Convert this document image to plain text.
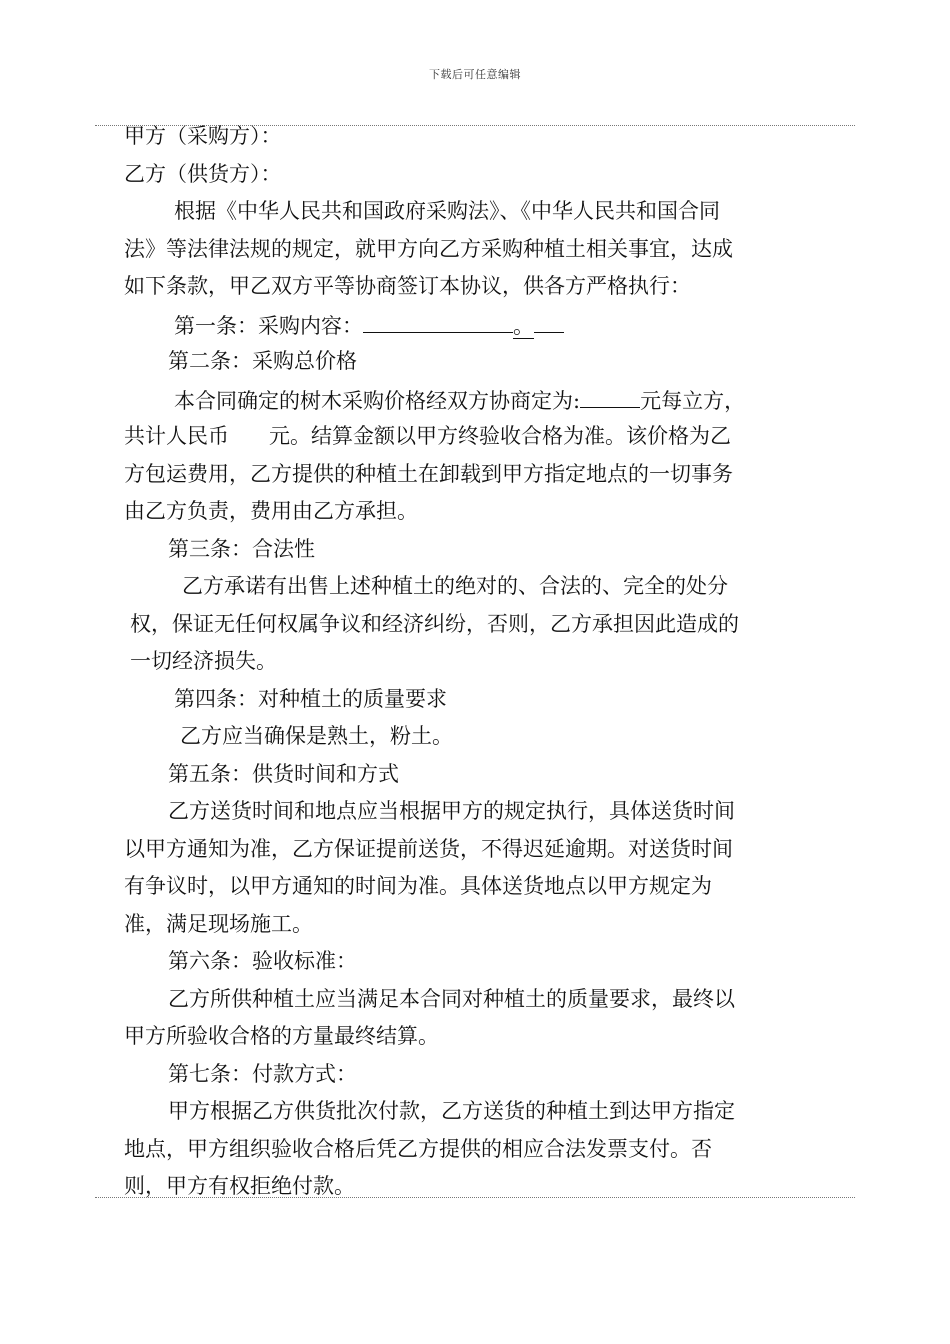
下载后可任意编辑
甲方（采购方）：
乙方（供货方）：
根据《中华人民共和国政府采购法》、《中华人民共和国合同
法》等法律法规的规定，就甲方向乙方采购种植土相关事宜，达成
如下条款，甲乙双方平等协商签订本协议，供各方严格执行：
第一条：采购内容：	。
第二条：采购总价格
本合同确定的树木采购价格经双方协商定为:	元每立方，
共计人民币 元。结算金额以甲方终验收合格为准。该价格为乙
方包运费用，乙方提供的种植土在卸载到甲方指定地点的一切事务
由乙方负责，费用由乙方承担。
第三条：合法性
乙方承诺有出售上述种植土的绝对的、合法的、完全的处分
权，保证无任何权属争议和经济纠纷，否则，乙方承担因此造成的
一切经济损失。
第四条：对种植土的质量要求
乙方应当确保是熟土，粉土。
第五条：供货时间和方式
乙方送货时间和地点应当根据甲方的规定执行，具体送货时间
以甲方通知为准，乙方保证提前送货，不得迟延逾期。对送货时间
有争议时，以甲方通知的时间为准。具体送货地点以甲方规定为
准，满足现场施工。
第六条：验收标准：
乙方所供种植土应当满足本合同对种植土的质量要求，最终以
甲方所验收合格的方量最终结算。
第七条：付款方式：
甲方根据乙方供货批次付款，乙方送货的种植土到达甲方指定
地点，甲方组织验收合格后凭乙方提供的相应合法发票支付。否
则，甲方有权拒绝付款。
